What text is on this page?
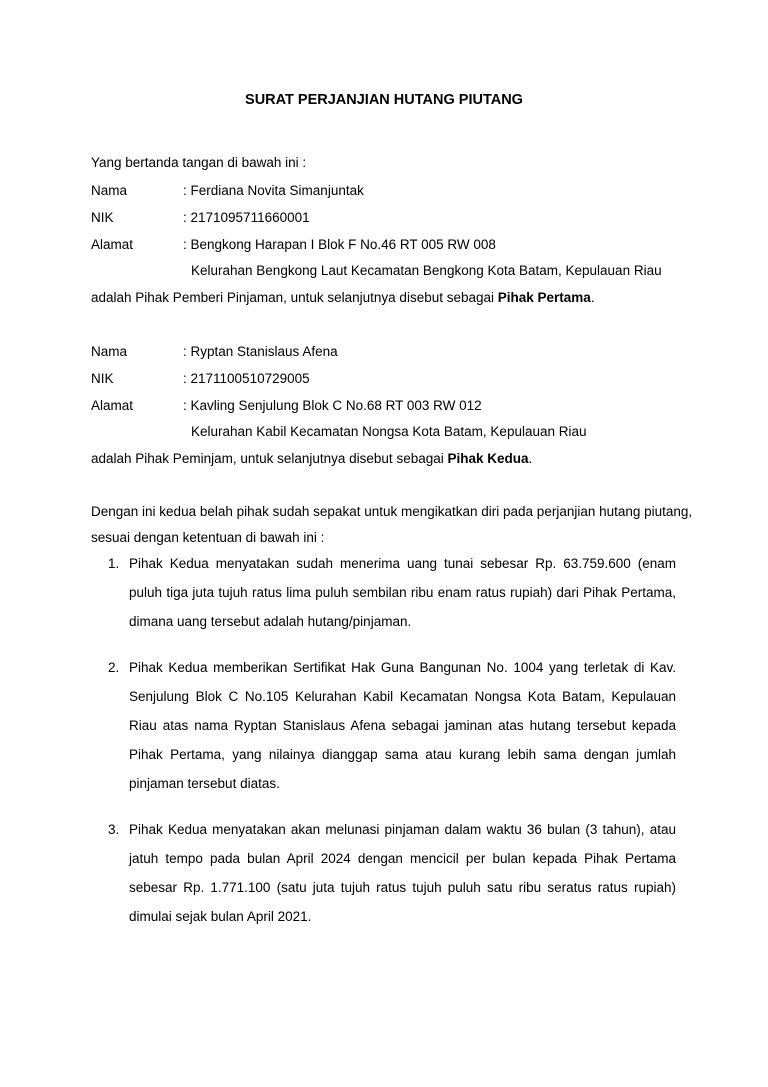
SURAT PERJANJIAN HUTANG PIUTANG
Yang bertanda tangan di bawah ini :
Nama	: Ferdiana Novita Simanjuntak
NIK	: 2171095711660001
Alamat	: Bengkong Harapan I Blok F No.46 RT 005 RW 008
Kelurahan Bengkong Laut Kecamatan Bengkong Kota Batam, Kepulauan Riau
adalah Pihak Pemberi Pinjaman, untuk selanjutnya disebut sebagai Pihak Pertama.
Nama	: Ryptan Stanislaus Afena
NIK	: 2171100510729005
Alamat	: Kavling Senjulung Blok C No.68 RT 003 RW 012
Kelurahan Kabil Kecamatan Nongsa Kota Batam, Kepulauan Riau
adalah Pihak Peminjam, untuk selanjutnya disebut sebagai Pihak Kedua.
Dengan ini kedua belah pihak sudah sepakat untuk mengikatkan diri pada perjanjian hutang piutang,
sesuai dengan ketentuan di bawah ini :
1. Pihak Kedua menyatakan sudah menerima uang tunai sebesar Rp. 63.759.600 (enam puluh tiga juta tujuh ratus lima puluh sembilan ribu enam ratus rupiah) dari Pihak Pertama, dimana uang tersebut adalah hutang/pinjaman.
2. Pihak Kedua memberikan Sertifikat Hak Guna Bangunan No. 1004 yang terletak di Kav. Senjulung Blok C No.105 Kelurahan Kabil Kecamatan Nongsa Kota Batam, Kepulauan Riau atas nama Ryptan Stanislaus Afena sebagai jaminan atas hutang tersebut kepada Pihak Pertama, yang nilainya dianggap sama atau kurang lebih sama dengan jumlah pinjaman tersebut diatas.
3. Pihak Kedua menyatakan akan melunasi pinjaman dalam waktu 36 bulan (3 tahun), atau jatuh tempo pada bulan April 2024 dengan mencicil per bulan kepada Pihak Pertama sebesar Rp. 1.771.100 (satu juta tujuh ratus tujuh puluh satu ribu seratus ratus rupiah) dimulai sejak bulan April 2021.
